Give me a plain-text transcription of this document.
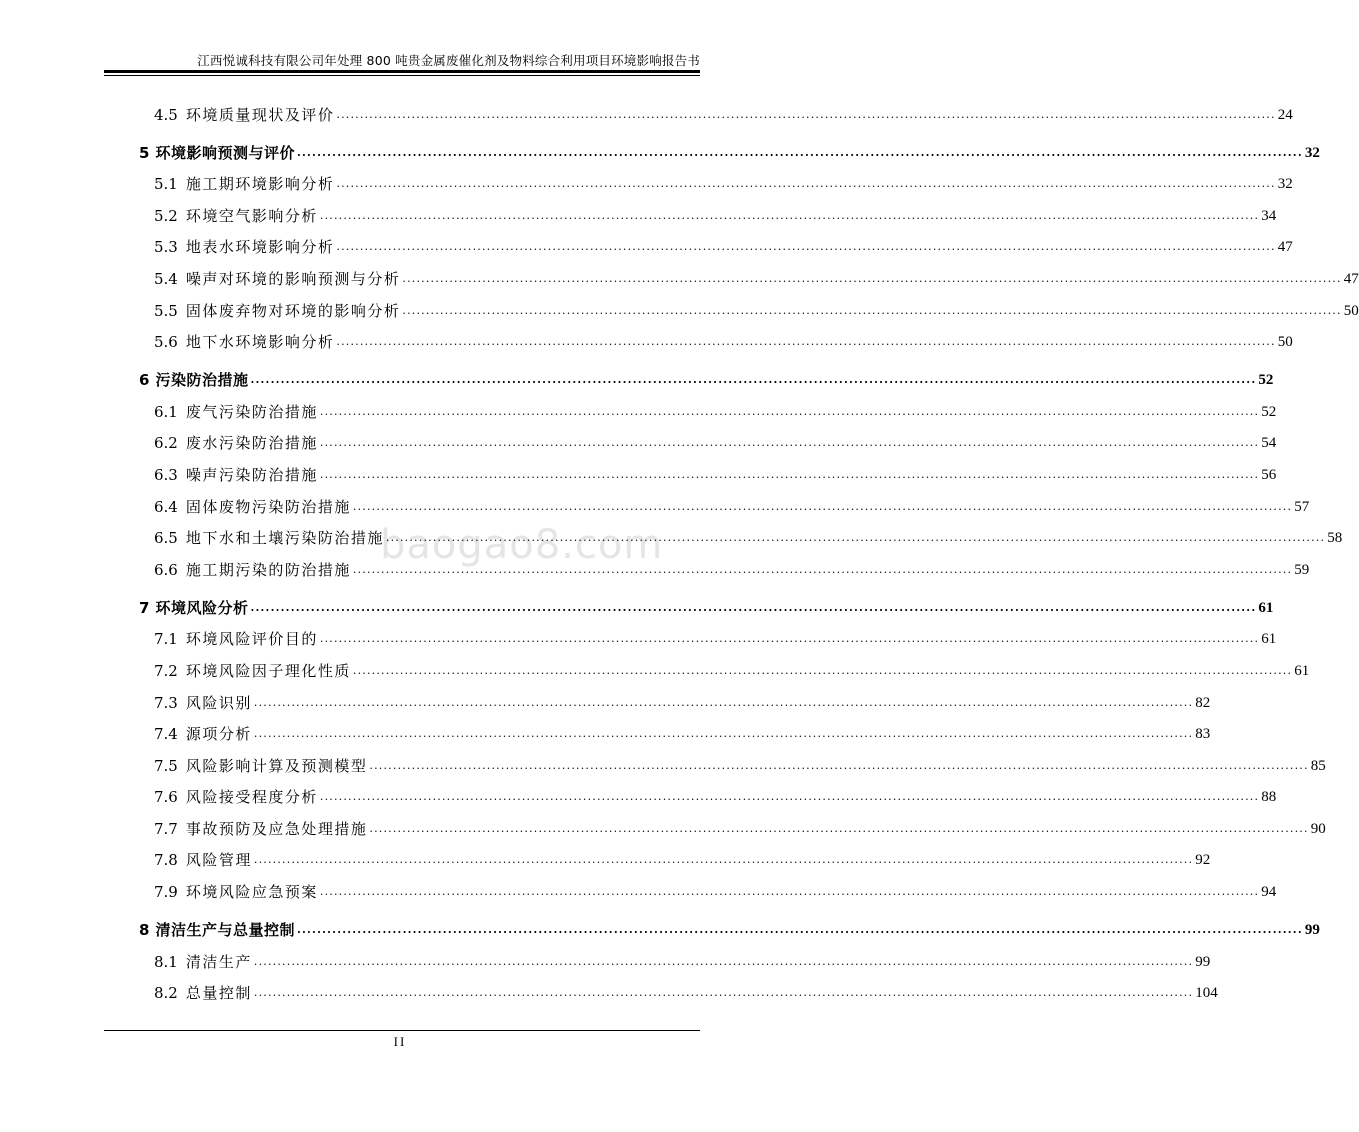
江西悦诚科技有限公司年处理 800 吨贵金属废催化剂及物料综合利用项目环境影响报告书
baogao8.com
4.5 环境质量现状及评价 ........................................................................................................................................................................................................ 24
5 环境影响预测与评价 ........................................................................................................................................................................................................ 32
5.1 施工期环境影响分析 ........................................................................................................................................................................................................ 32
5.2 环境空气影响分析 ........................................................................................................................................................................................................ 34
5.3 地表水环境影响分析 ........................................................................................................................................................................................................ 47
5.4 噪声对环境的影响预测与分析 ........................................................................................................................................................................................................ 47
5.5 固体废弃物对环境的影响分析 ........................................................................................................................................................................................................ 50
5.6 地下水环境影响分析 ........................................................................................................................................................................................................ 50
6 污染防治措施 ........................................................................................................................................................................................................ 52
6.1 废气污染防治措施 ........................................................................................................................................................................................................ 52
6.2 废水污染防治措施 ........................................................................................................................................................................................................ 54
6.3 噪声污染防治措施 ........................................................................................................................................................................................................ 56
6.4 固体废物污染防治措施 ........................................................................................................................................................................................................ 57
6.5 地下水和土壤污染防治措施 ........................................................................................................................................................................................................ 58
6.6 施工期污染的防治措施 ........................................................................................................................................................................................................ 59
7 环境风险分析 ........................................................................................................................................................................................................ 61
7.1 环境风险评价目的 ........................................................................................................................................................................................................ 61
7.2 环境风险因子理化性质 ........................................................................................................................................................................................................ 61
7.3 风险识别 ........................................................................................................................................................................................................ 82
7.4 源项分析 ........................................................................................................................................................................................................ 83
7.5 风险影响计算及预测模型 ........................................................................................................................................................................................................ 85
7.6 风险接受程度分析 ........................................................................................................................................................................................................ 88
7.7 事故预防及应急处理措施 ........................................................................................................................................................................................................ 90
7.8 风险管理 ........................................................................................................................................................................................................ 92
7.9 环境风险应急预案 ........................................................................................................................................................................................................ 94
8 清洁生产与总量控制 ........................................................................................................................................................................................................ 99
8.1 清洁生产 ........................................................................................................................................................................................................ 99
8.2 总量控制 ........................................................................................................................................................................................................ 104
II
